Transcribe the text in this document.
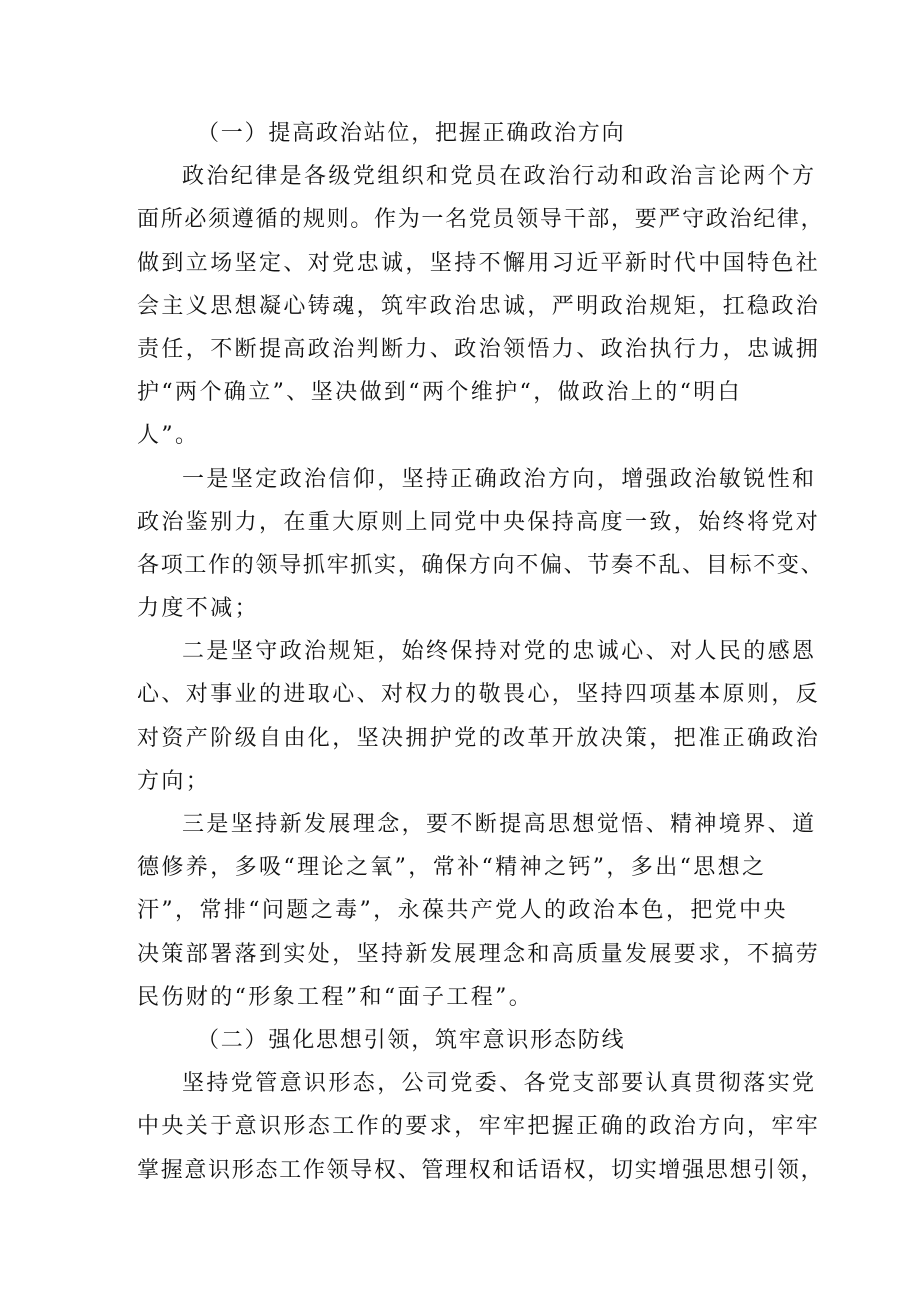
（一）提高政治站位，把握正确政治方向
政治纪律是各级党组织和党员在政治行动和政治言论两个方
面所必须遵循的规则。作为一名党员领导干部，要严守政治纪律，
做到立场坚定、对党忠诚，坚持不懈用习近平新时代中国特色社
会主义思想凝心铸魂，筑牢政治忠诚，严明政治规矩，扛稳政治
责任，不断提高政治判断力、政治领悟力、政治执行力，忠诚拥
护“两个确立”、坚决做到“两个维护“，做政治上的“明白
人”。
一是坚定政治信仰，坚持正确政治方向，增强政治敏锐性和
政治鉴别力，在重大原则上同党中央保持高度一致，始终将党对
各项工作的领导抓牢抓实，确保方向不偏、节奏不乱、目标不变、
力度不减；
二是坚守政治规矩，始终保持对党的忠诚心、对人民的感恩
心、对事业的进取心、对权力的敬畏心，坚持四项基本原则，反
对资产阶级自由化，坚决拥护党的改革开放决策，把准正确政治
方向；
三是坚持新发展理念，要不断提高思想觉悟、精神境界、道
德修养，多吸“理论之氧”，常补“精神之钙”，多出“思想之
汗”，常排“问题之毒”，永葆共产党人的政治本色，把党中央
决策部署落到实处，坚持新发展理念和高质量发展要求，不搞劳
民伤财的“形象工程”和“面子工程”。
（二）强化思想引领，筑牢意识形态防线
坚持党管意识形态，公司党委、各党支部要认真贯彻落实党
中央关于意识形态工作的要求，牢牢把握正确的政治方向，牢牢
掌握意识形态工作领导权、管理权和话语权，切实增强思想引领，
